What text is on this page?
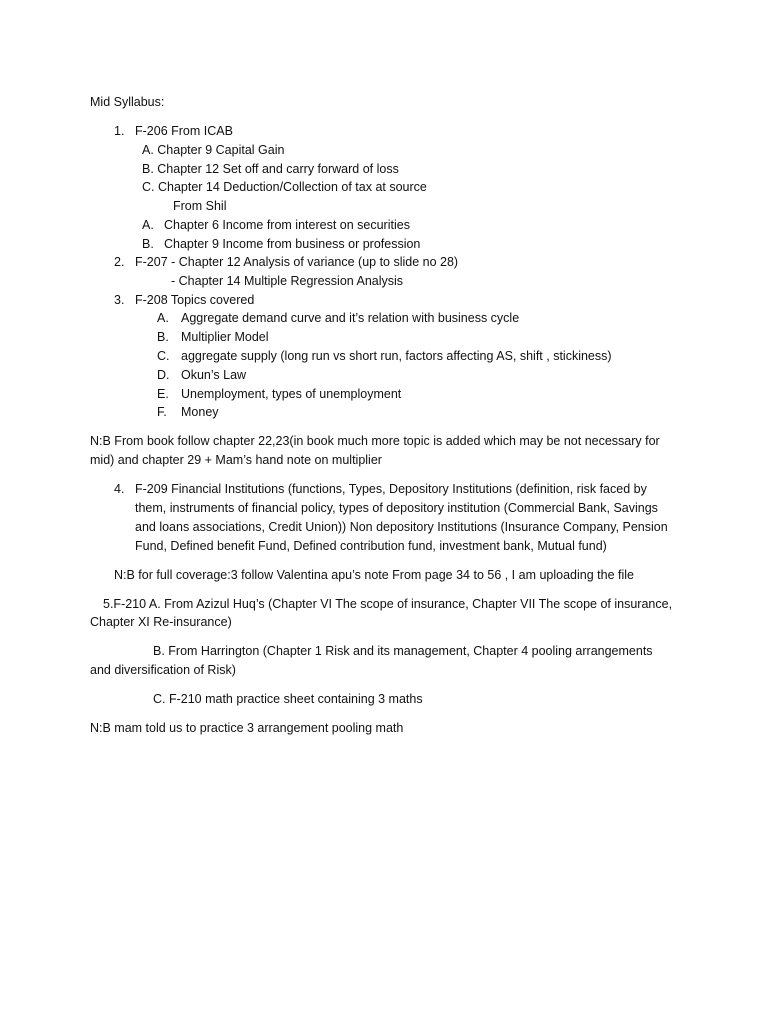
Mid Syllabus:
1. F-206 From ICAB
A. Chapter 9 Capital Gain
B. Chapter 12 Set off and carry forward of loss
C. Chapter 14 Deduction/Collection of tax at source
From Shil
A. Chapter 6 Income from interest on securities
B. Chapter 9 Income from business or profession
2. F-207 - Chapter 12 Analysis of variance (up to slide no 28)
- Chapter 14 Multiple Regression Analysis
3. F-208 Topics covered
A. Aggregate demand curve and it’s relation with business cycle
B. Multiplier Model
C. aggregate supply (long run vs short run, factors affecting AS, shift , stickiness)
D. Okun’s Law
E. Unemployment, types of unemployment
F. Money
N:B From book follow chapter 22,23(in book much more topic is added which may be not necessary for
mid) and chapter 29 + Mam’s hand note on multiplier
4. F-209 Financial Institutions (functions, Types, Depository Institutions (definition, risk faced by
them, instruments of financial policy, types of depository institution (Commercial Bank, Savings
and loans associations, Credit Union)) Non depository Institutions (Insurance Company, Pension
Fund, Defined benefit Fund, Defined contribution fund, investment bank, Mutual fund)
N:B for full coverage:3 follow Valentina apu’s note From page 34 to 56 , I am uploading the file
5.F-210 A. From Azizul Huq’s (Chapter VI The scope of insurance, Chapter VII The scope of insurance,
Chapter XI Re-insurance)
B. From Harrington (Chapter 1 Risk and its management, Chapter 4 pooling arrangements
and diversification of Risk)
C. F-210 math practice sheet containing 3 maths
N:B mam told us to practice 3 arrangement pooling math
